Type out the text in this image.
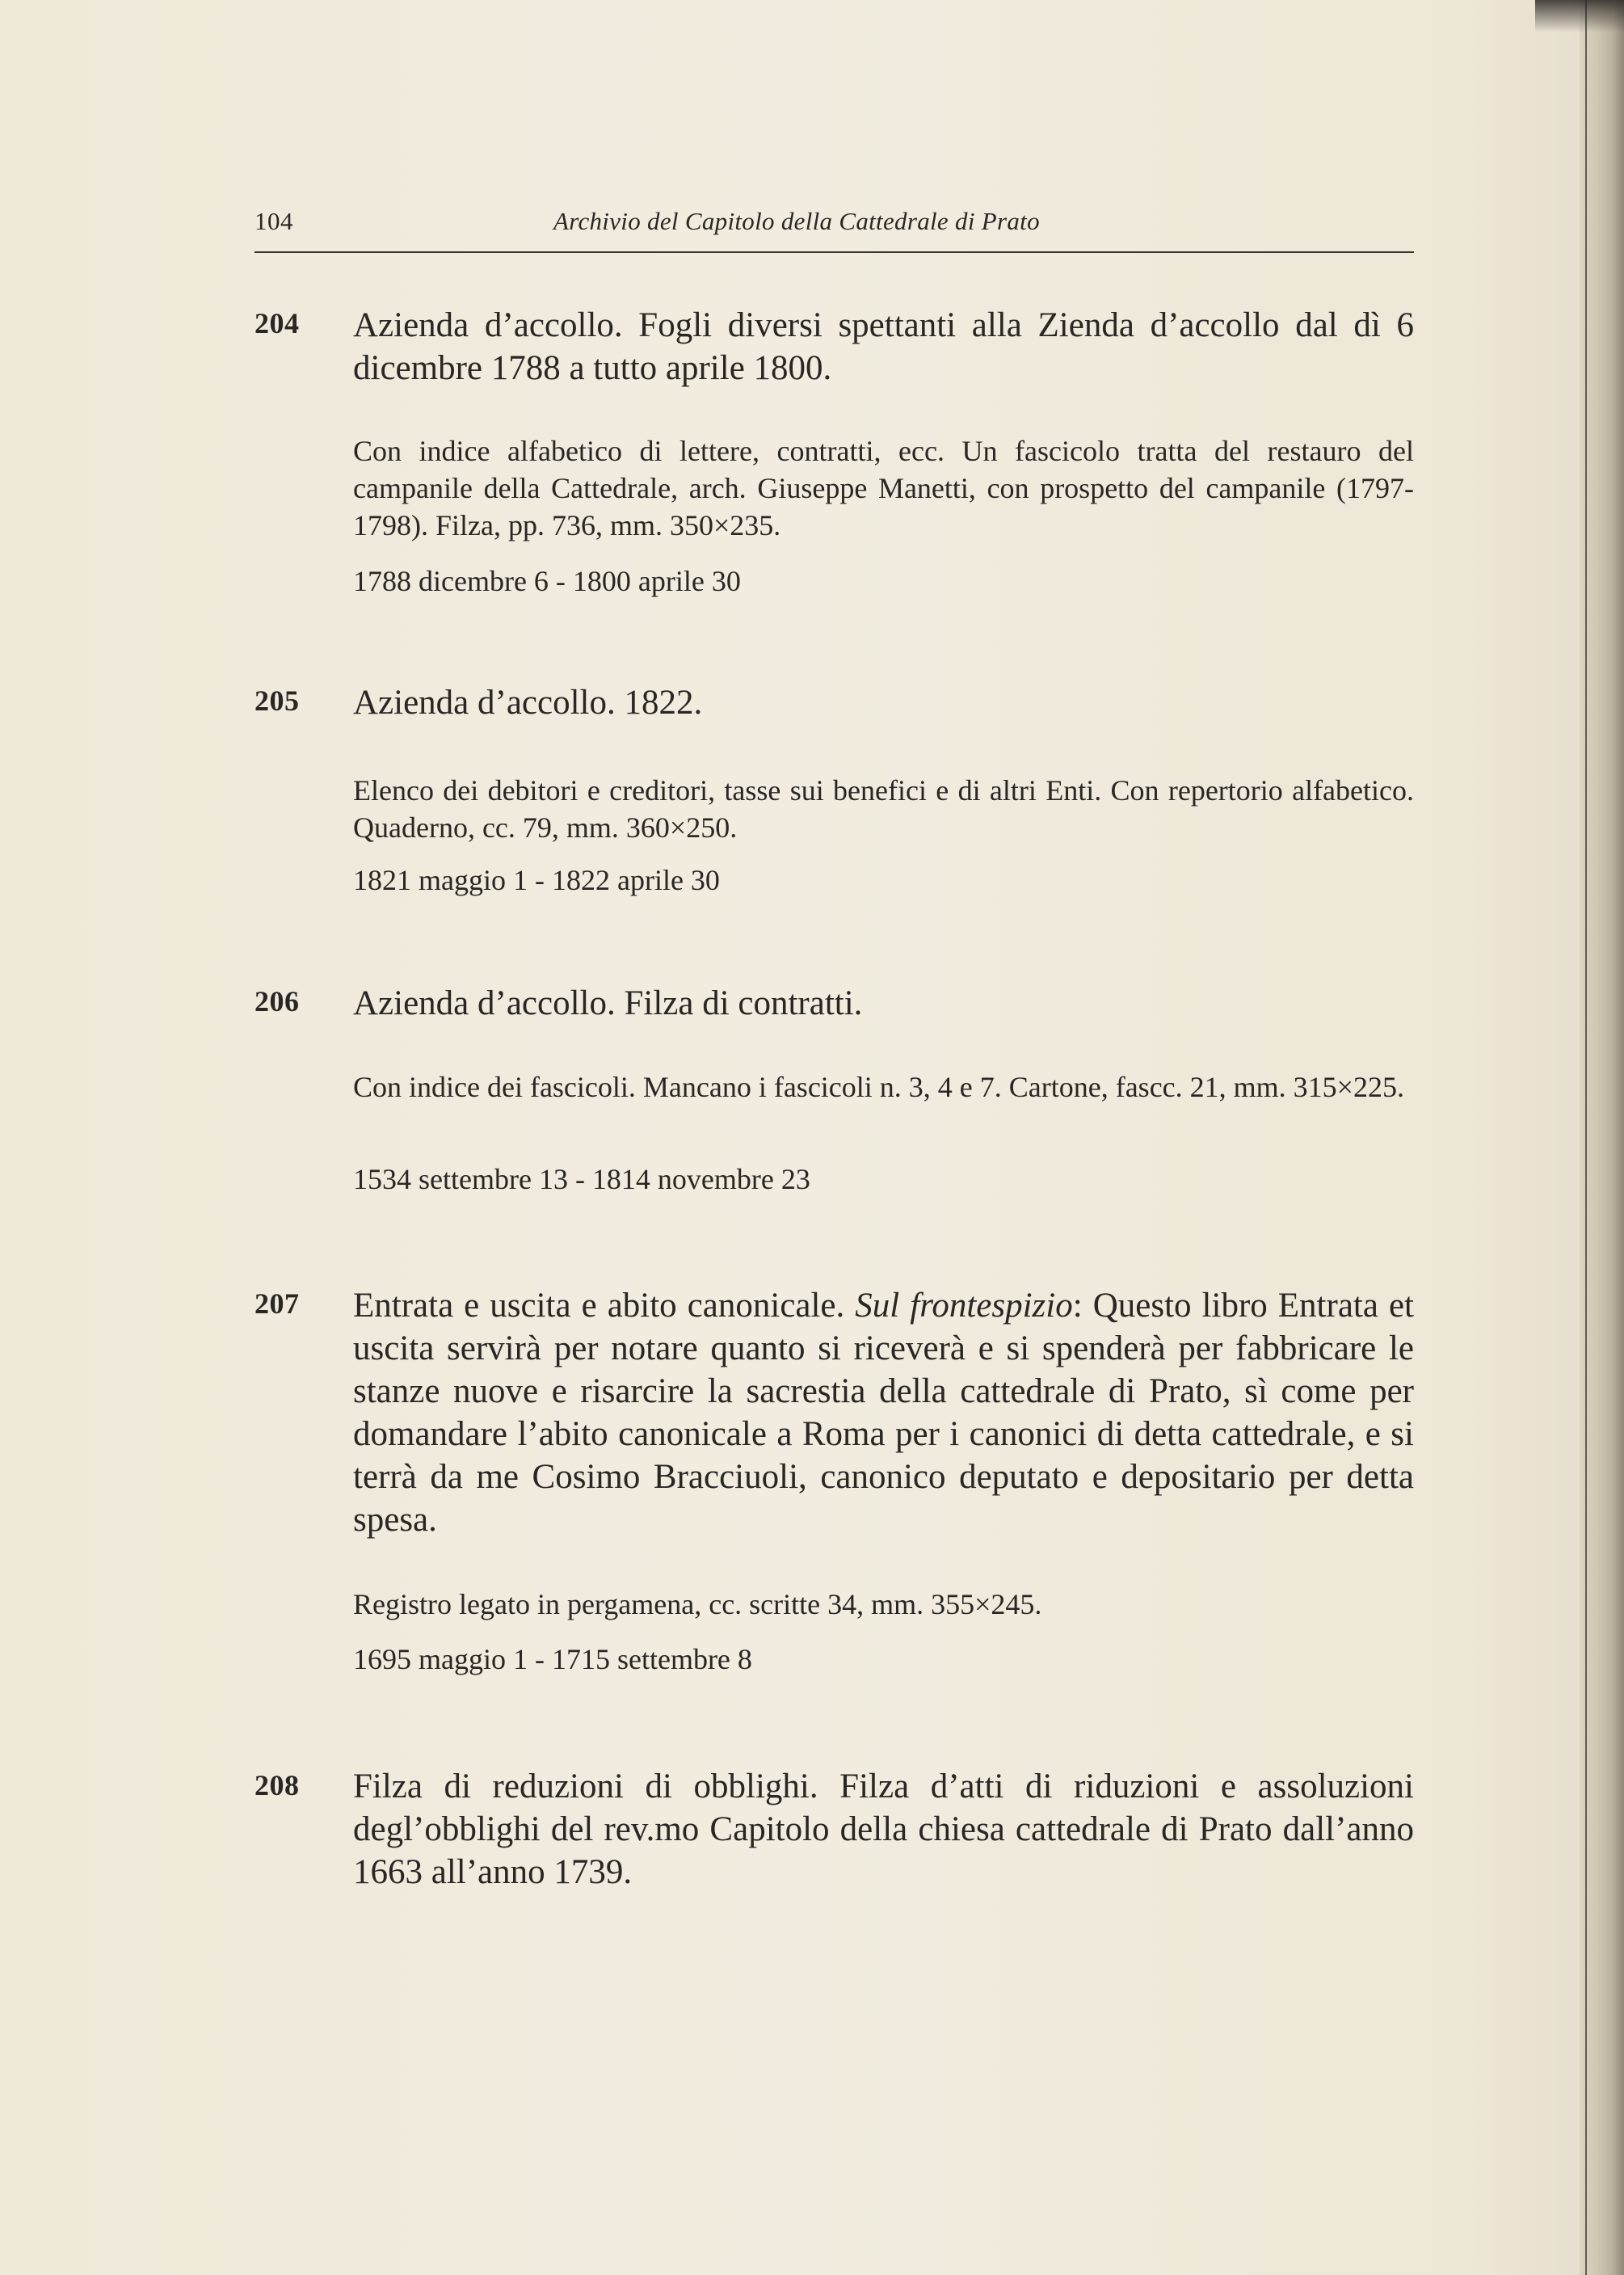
104	Archivio del Capitolo della Cattedrale di Prato
204 Azienda d’accollo. Fogli diversi spettanti alla Zienda d’accollo dal dì 6 dicembre 1788 a tutto aprile 1800.
Con indice alfabetico di lettere, contratti, ecc. Un fascicolo tratta del restauro del campanile della Cattedrale, arch. Giuseppe Manetti, con prospetto del campanile (1797-1798). Filza, pp. 736, mm. 350×235.
1788 dicembre 6 - 1800 aprile 30
205 Azienda d’accollo. 1822.
Elenco dei debitori e creditori, tasse sui benefici e di altri Enti. Con repertorio alfabetico. Quaderno, cc. 79, mm. 360×250.
1821 maggio 1 - 1822 aprile 30
206 Azienda d’accollo. Filza di contratti.
Con indice dei fascicoli. Mancano i fascicoli n. 3, 4 e 7. Cartone, fascc. 21, mm. 315×225.
1534 settembre 13 - 1814 novembre 23
207 Entrata e uscita e abito canonicale. Sul frontespizio: Questo libro Entrata et uscita servirà per notare quanto si riceverà e si spenderà per fabbricare le stanze nuove e risarcire la sacrestia della cattedrale di Prato, sì come per domandare l’abito canonicale a Roma per i canonici di detta cattedrale, e si terrà da me Cosimo Bracciuoli, canonico deputato e depositario per detta spesa.
Registro legato in pergamena, cc. scritte 34, mm. 355×245.
1695 maggio 1 - 1715 settembre 8
208 Filza di reduzioni di obblighi. Filza d’atti di riduzioni e assoluzioni degl’obblighi del rev.mo Capitolo della chiesa cattedrale di Prato dall’anno 1663 all’anno 1739.
